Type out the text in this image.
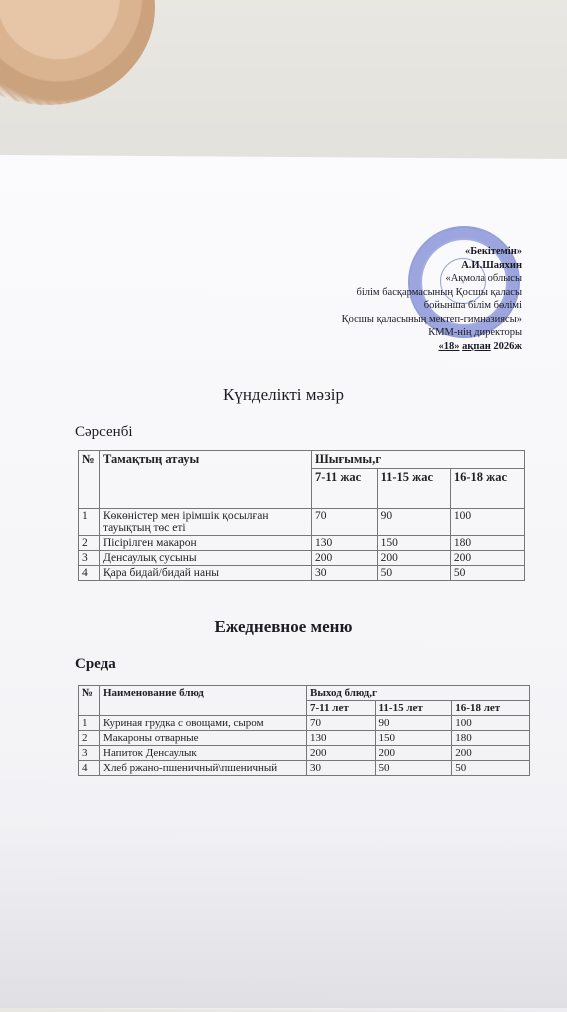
«Бекітемін»
А.И.Шаяхин
«Ақмола облысы
білім басқармасының Қосшы қаласы
бойынша білім бөлімі
Қосшы қаласының мектеп-гимназиясы»
КММ-нің директоры
«18» ақпан 2026ж
Күнделікті мәзір
Сәрсенбі
№	Тамақтың атауы	Шығымы,г		
		7-11 жас	11-15 жас	16-18 жас
1	Көкөністер мен ірімшік қосылған тауықтың төс еті	70	90	100
2	Пісірілген макарон	130	150	180
3	Денсаулық сусыны	200	200	200
4	Қара бидай/бидай наны	30	50	50
Ежедневное меню
Среда
№	Наименование блюд	Выход блюд,г		
		7-11 лет	11-15 лет	16-18 лет
1	Куриная грудка с овощами, сыром	70	90	100
2	Макароны отварные	130	150	180
3	Напиток Денсаулык	200	200	200
4	Хлеб ржано-пшеничный\пшеничный	30	50	50
